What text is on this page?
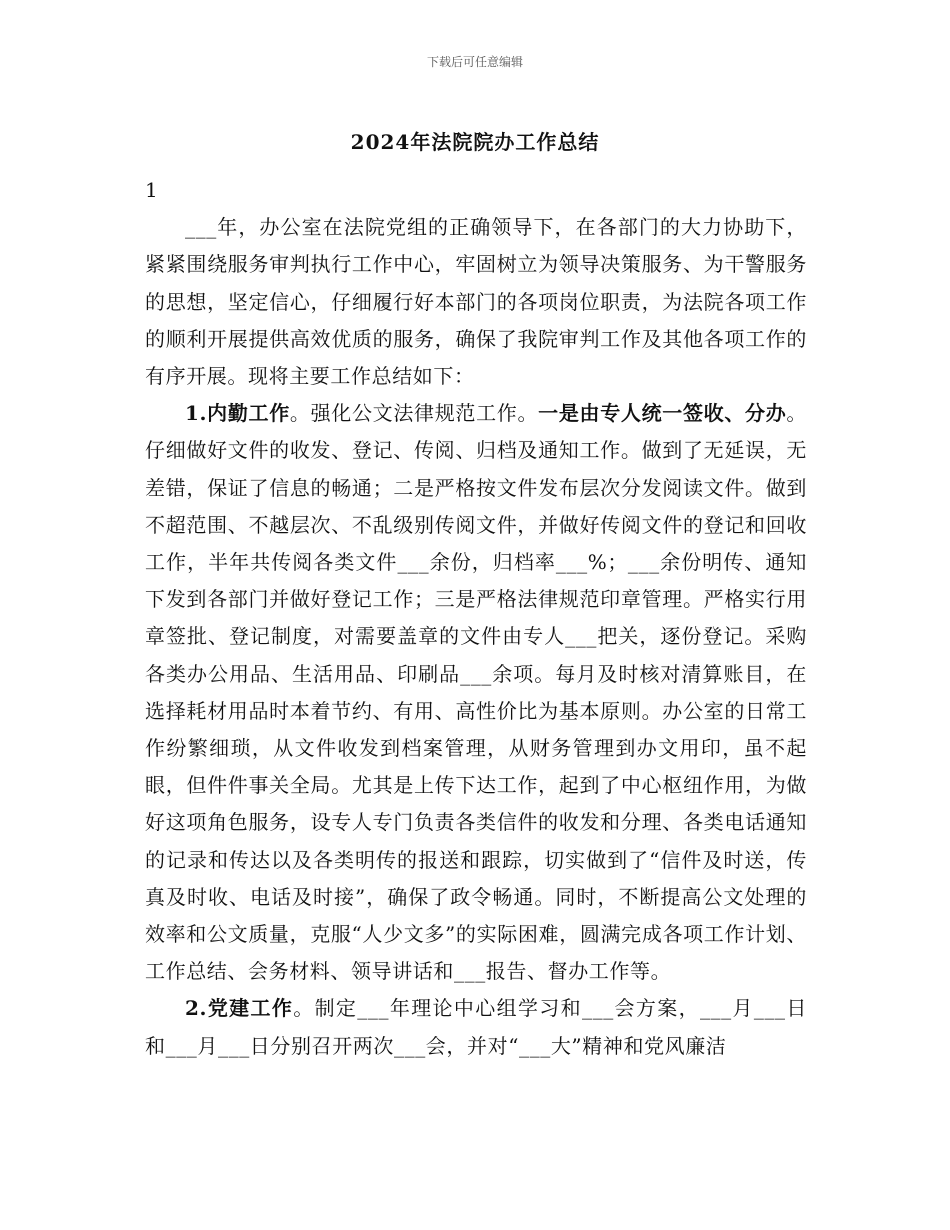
下载后可任意编辑
2024年法院院办工作总结

1

___年，办公室在法院党组的正确领导下，在各部门的大力协助下，紧紧围绕服务审判执行工作中心，牢固树立为领导决策服务、为干警服务的思想，坚定信心，仔细履行好本部门的各项岗位职责，为法院各项工作的顺利开展提供高效优质的服务，确保了我院审判工作及其他各项工作的有序开展。现将主要工作总结如下：

1.内勤工作。强化公文法律规范工作。一是由专人统一签收、分办。仔细做好文件的收发、登记、传阅、归档及通知工作。做到了无延误，无差错，保证了信息的畅通；二是严格按文件发布层次分发阅读文件。做到不超范围、不越层次、不乱级别传阅文件，并做好传阅文件的登记和回收工作，半年共传阅各类文件___余份，归档率___%；___余份明传、通知下发到各部门并做好登记工作；三是严格法律规范印章管理。严格实行用章签批、登记制度，对需要盖章的文件由专人___把关，逐份登记。采购各类办公用品、生活用品、印刷品___余项。每月及时核对清算账目，在选择耗材用品时本着节约、有用、高性价比为基本原则。办公室的日常工作纷繁细琐，从文件收发到档案管理，从财务管理到办文用印，虽不起眼，但件件事关全局。尤其是上传下达工作，起到了中心枢纽作用，为做好这项角色服务，设专人专门负责各类信件的收发和分理、各类电话通知的记录和传达以及各类明传的报送和跟踪，切实做到了“信件及时送，传真及时收、电话及时接”，确保了政令畅通。同时，不断提高公文处理的效率和公文质量，克服“人少文多”的实际困难，圆满完成各项工作计划、工作总结、会务材料、领导讲话和___报告、督办工作等。

2.党建工作。制定___年理论中心组学习和___会方案，___月___日和___月___日分别召开两次___会，并对“___大”精神和党风廉洁
